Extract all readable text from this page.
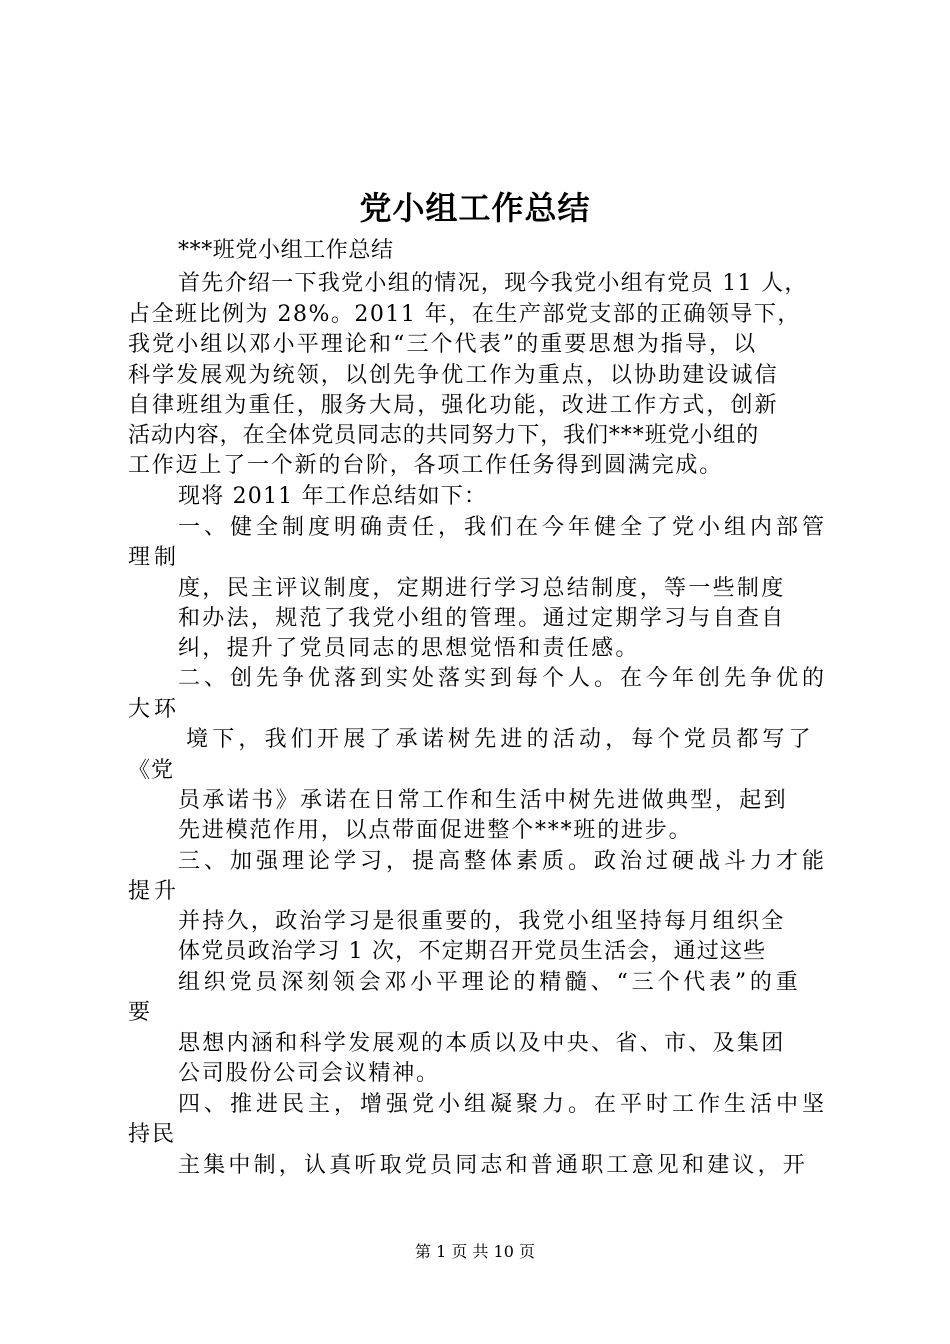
党小组工作总结
***班党小组工作总结
首先介绍一下我党小组的情况，现今我党小组有党员 11 人，
占全班比例为 28%。2011 年，在生产部党支部的正确领导下，
我党小组以邓小平理论和“三个代表”的重要思想为指导，以
科学发展观为统领，以创先争优工作为重点，以协助建设诚信
自律班组为重任，服务大局，强化功能，改进工作方式，创新
活动内容，在全体党员同志的共同努力下，我们***班党小组的
工作迈上了一个新的台阶，各项工作任务得到圆满完成。
现将 2011 年工作总结如下：
一、健全制度明确责任，我们在今年健全了党小组内部管
理制
度，民主评议制度，定期进行学习总结制度，等一些制度
和办法，规范了我党小组的管理。通过定期学习与自查自
纠，提升了党员同志的思想觉悟和责任感。
二、创先争优落到实处落实到每个人。在今年创先争优的
大环
境下，我们开展了承诺树先进的活动，每个党员都写了
《党
员承诺书》承诺在日常工作和生活中树先进做典型，起到
先进模范作用，以点带面促进整个***班的进步。
三、加强理论学习，提高整体素质。政治过硬战斗力才能
提升
并持久，政治学习是很重要的，我党小组坚持每月组织全
体党员政治学习 1 次，不定期召开党员生活会，通过这些
组织党员深刻领会邓小平理论的精髓、“三个代表”的重
要
思想内涵和科学发展观的本质以及中央、省、市、及集团
公司股份公司会议精神。
四、推进民主，增强党小组凝聚力。在平时工作生活中坚
持民
主集中制，认真听取党员同志和普通职工意见和建议，开
第 1 页 共 10 页
